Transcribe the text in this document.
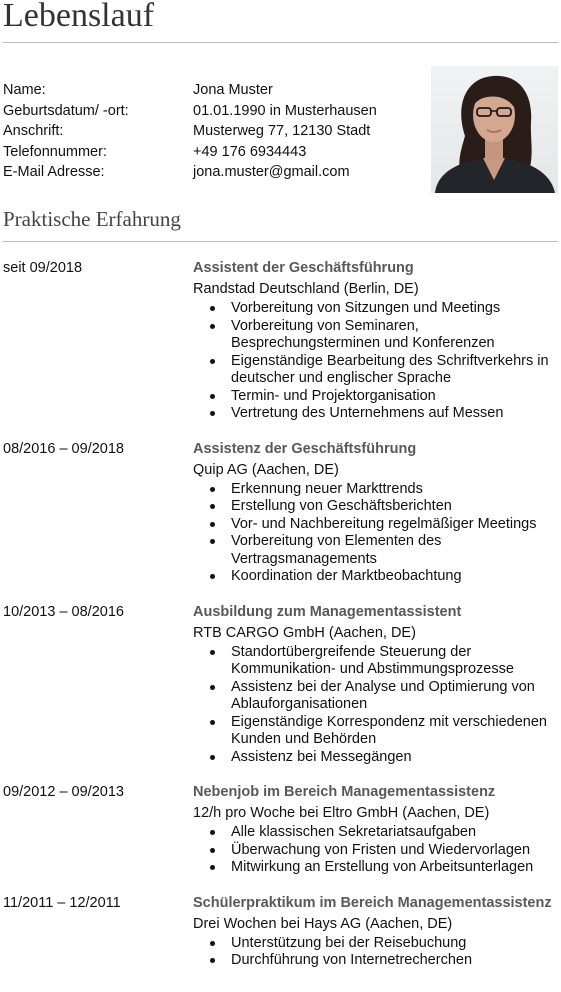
Lebenslauf
Name:	Jona Muster
Geburtsdatum/ -ort:	01.01.1990 in Musterhausen
Anschrift:	Musterweg 77, 12130 Stadt
Telefonnummer:	+49 176 6934443
E-Mail Adresse:	jona.muster@gmail.com
Praktische Erfahrung
seit 09/2018	Assistent der Geschäftsführung
Randstad Deutschland (Berlin, DE)
Vorbereitung von Sitzungen und Meetings
Vorbereitung von Seminaren, Besprechungsterminen und Konferenzen
Eigenständige Bearbeitung des Schriftverkehrs in deutscher und englischer Sprache
Termin- und Projektorganisation
Vertretung des Unternehmens auf Messen
08/2016 – 09/2018	Assistenz der Geschäftsführung
Quip AG (Aachen, DE)
Erkennung neuer Markttrends
Erstellung von Geschäftsberichten
Vor- und Nachbereitung regelmäßiger Meetings
Vorbereitung von Elementen des Vertragsmanagements
Koordination der Marktbeobachtung
10/2013 – 08/2016	Ausbildung zum Managementassistent
RTB CARGO GmbH (Aachen, DE)
Standortübergreifende Steuerung der Kommunikation- und Abstimmungsprozesse
Assistenz bei der Analyse und Optimierung von Ablauforganisationen
Eigenständige Korrespondenz mit verschiedenen Kunden und Behörden
Assistenz bei Messegängen
09/2012 – 09/2013	Nebenjob im Bereich Managementassistenz
12/h pro Woche bei Eltro GmbH (Aachen, DE)
Alle klassischen Sekretariatsaufgaben
Überwachung von Fristen und Wiedervorlagen
Mitwirkung an Erstellung von Arbeitsunterlagen
11/2011 – 12/2011	Schülerpraktikum im Bereich Managementassistenz
Drei Wochen bei Hays AG (Aachen, DE)
Unterstützung bei der Reisebuchung
Durchführung von Internetrecherchen
